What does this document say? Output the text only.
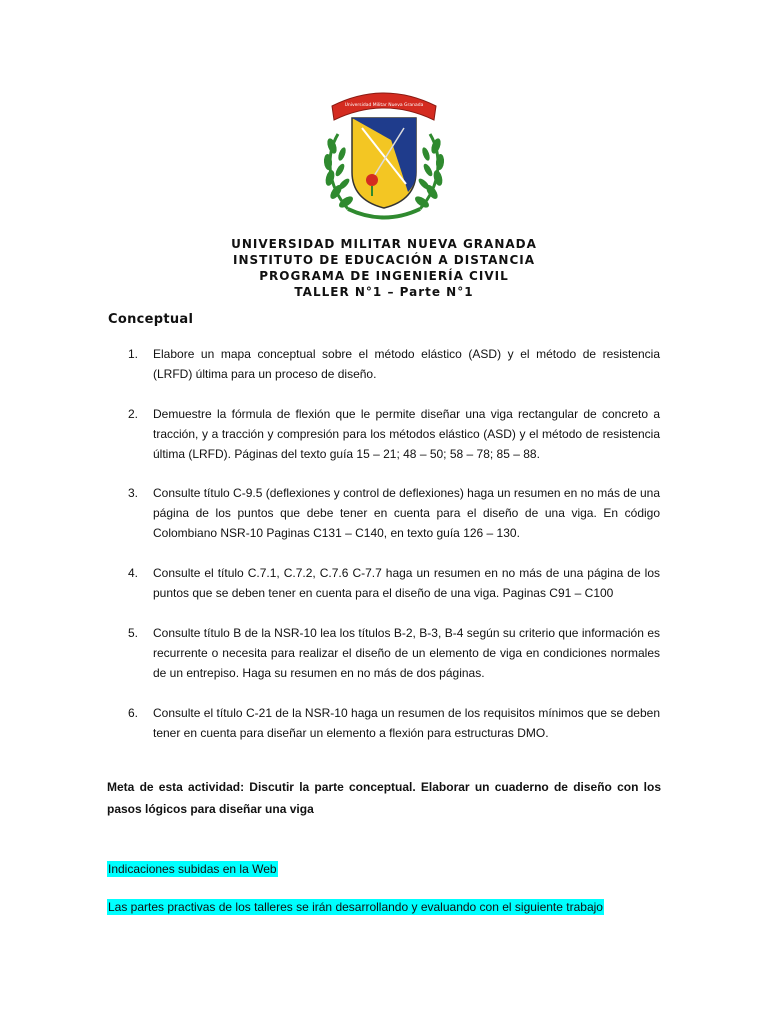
Universidad Militar Nueva Granada
UNIVERSIDAD MILITAR NUEVA GRANADA
INSTITUTO DE EDUCACIÓN A DISTANCIA
PROGRAMA DE INGENIERÍA CIVIL
TALLER N°1 – Parte N°1
Conceptual
1.	Elabore un mapa conceptual sobre el método elástico (ASD) y el método de resistencia (LRFD) última para un proceso de diseño.
2.	Demuestre la fórmula de flexión que le permite diseñar una viga rectangular de concreto a tracción, y a tracción y compresión para los métodos elástico (ASD) y el método de resistencia última (LRFD). Páginas del texto guía 15 – 21; 48 – 50; 58 – 78; 85 – 88.
3.	Consulte título C-9.5 (deflexiones y control de deflexiones) haga un resumen en no más de una página de los puntos que debe tener en cuenta para el diseño de una viga. En código Colombiano NSR-10 Paginas C131 – C140, en texto guía 126 – 130.
4.	Consulte el título C.7.1, C.7.2, C.7.6 C-7.7 haga un resumen en no más de una página de los puntos que se deben tener en cuenta para el diseño de una viga. Paginas C91 – C100
5.	Consulte título B de la NSR-10 lea los títulos B-2, B-3, B-4 según su criterio que información es recurrente o necesita para realizar el diseño de un elemento de viga en condiciones normales de un entrepiso. Haga su resumen en no más de dos páginas.
6.	Consulte el título C-21 de la NSR-10 haga un resumen de los requisitos mínimos que se deben tener en cuenta para diseñar un elemento a flexión para estructuras DMO.
Meta de esta actividad: Discutir la parte conceptual. Elaborar un cuaderno de diseño con los pasos lógicos para diseñar una viga
Indicaciones subidas en la Web
Las partes practivas de los talleres se irán desarrollando y evaluando con el siguiente trabajo
